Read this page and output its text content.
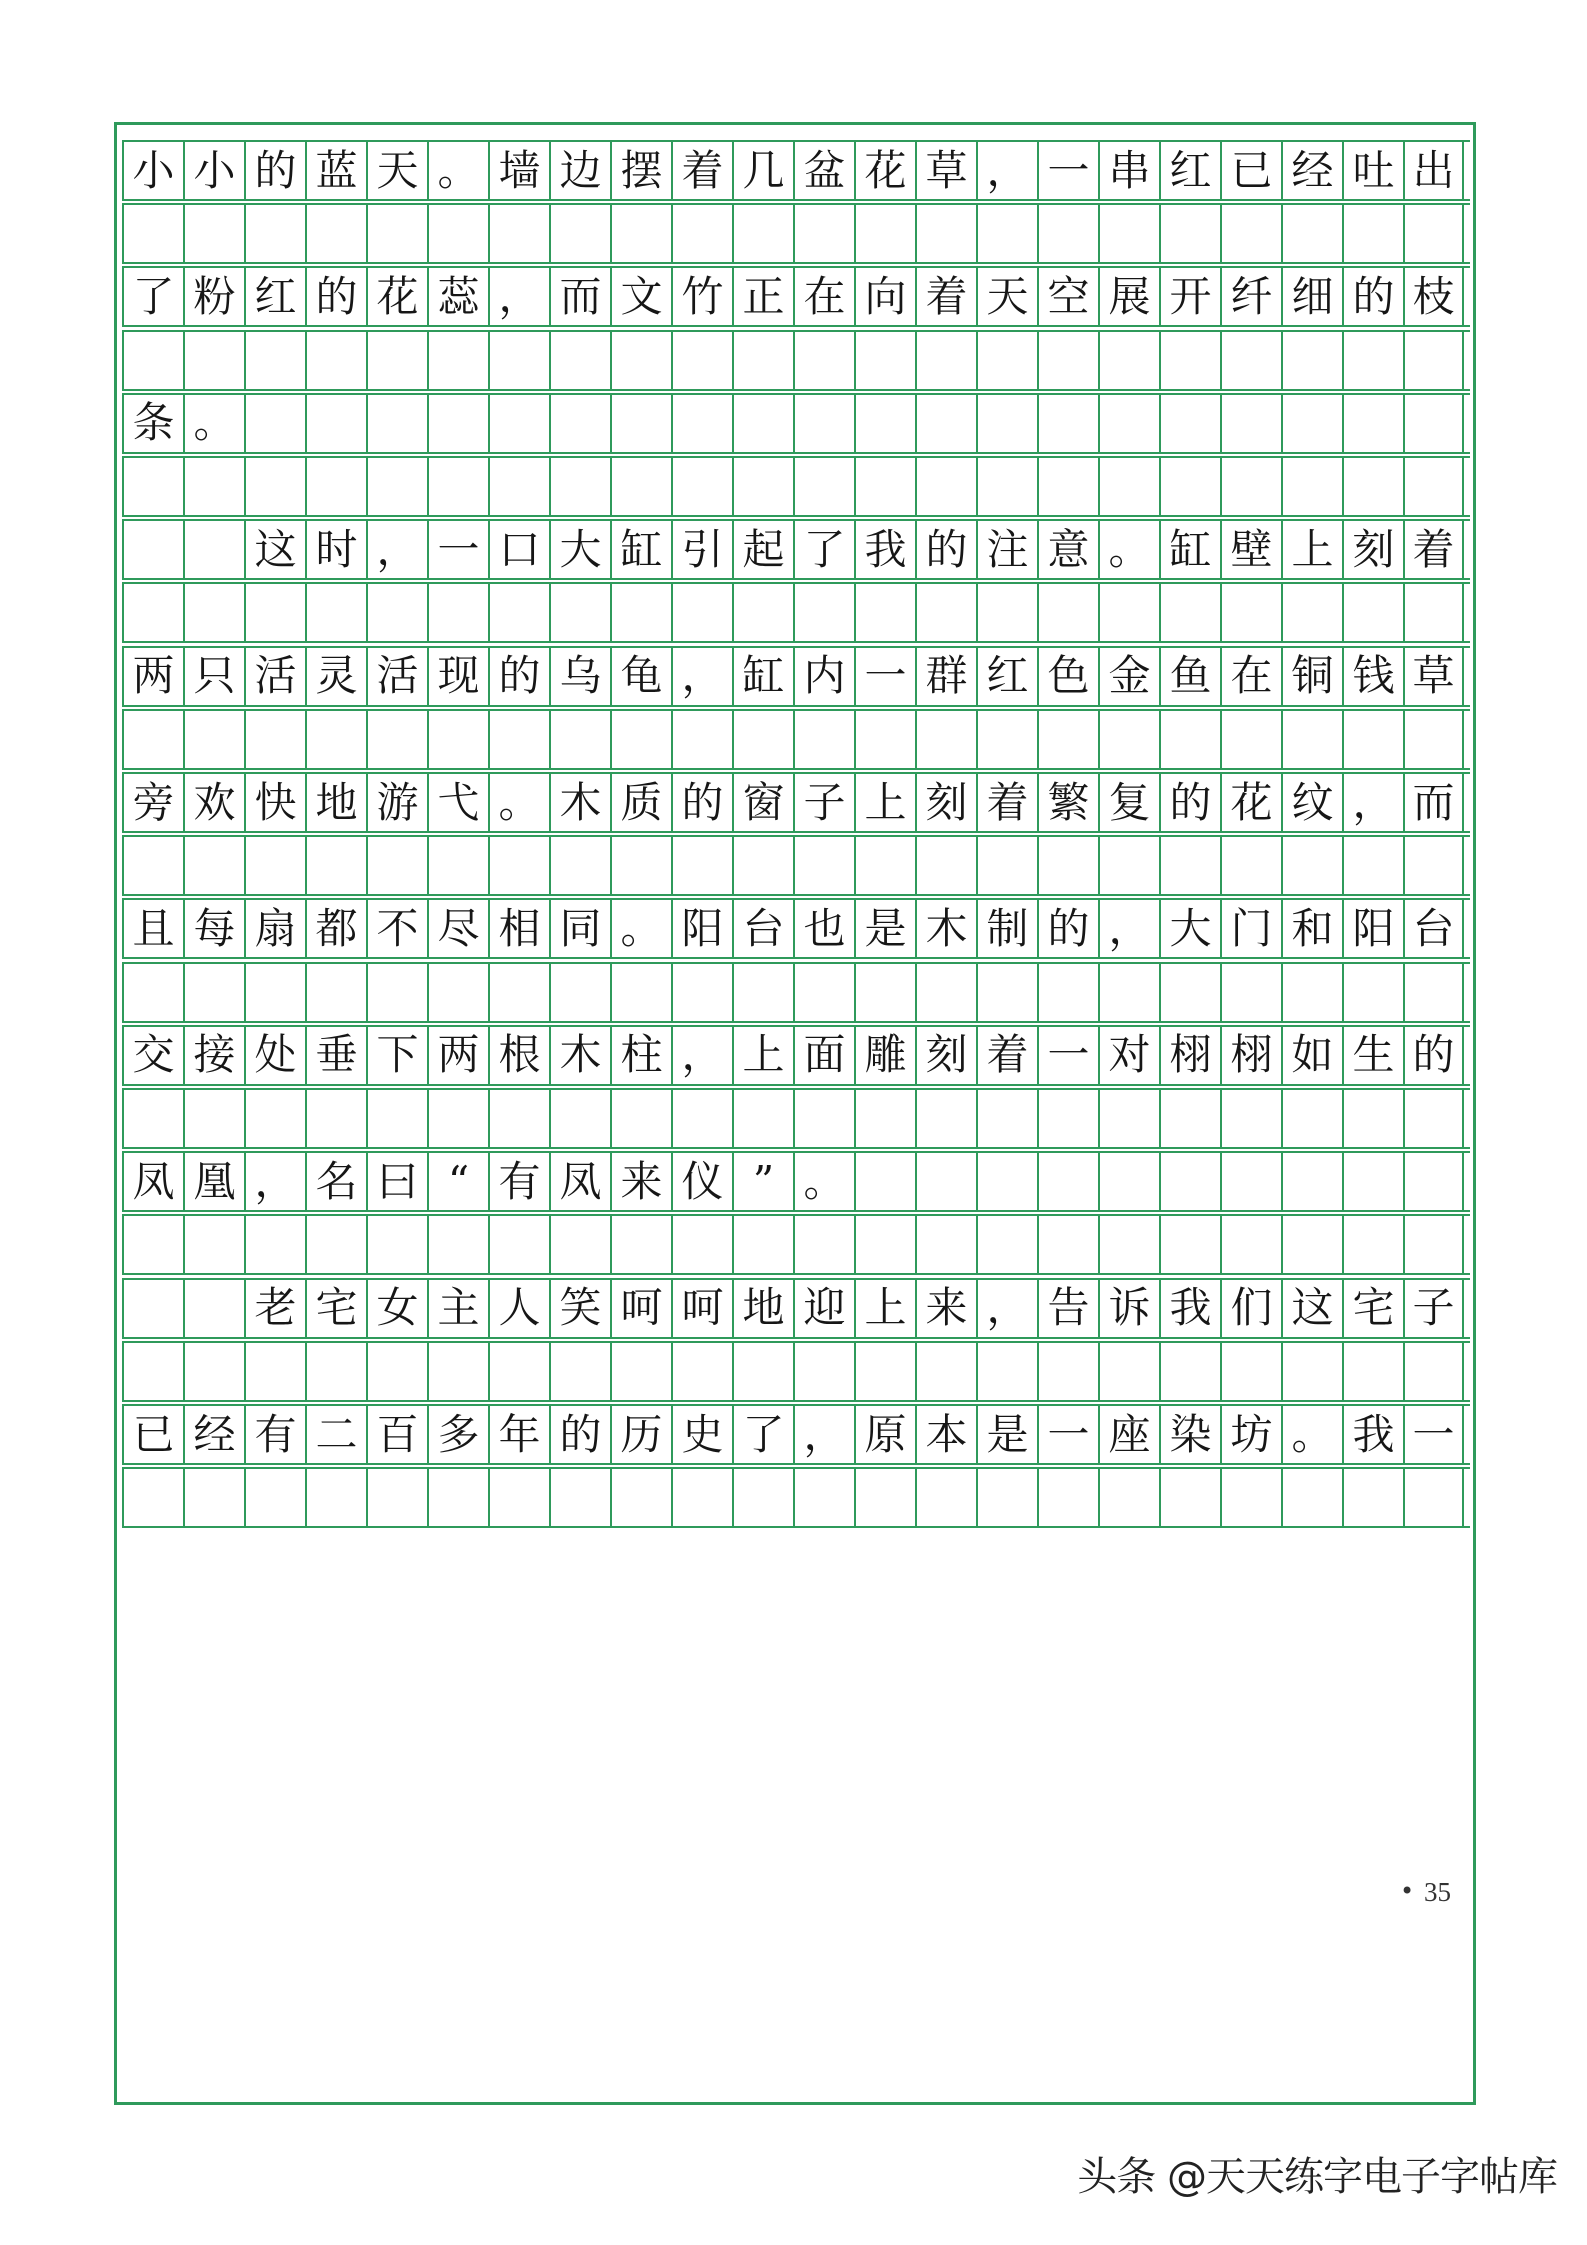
小 小 的 蓝 天 。 墙 边 摆 着 几 盆 花 草 ， 一 串 红 已 经 吐 出
了 粉 红 的 花 蕊 ， 而 文 竹 正 在 向 着 天 空 展 开 纤 细 的 枝
条 。
这 时 ， 一 口 大 缸 引 起 了 我 的 注 意 。 缸 壁 上 刻 着
两 只 活 灵 活 现 的 乌 龟 ， 缸 内 一 群 红 色 金 鱼 在 铜 钱 草
旁 欢 快 地 游 弋 。 木 质 的 窗 子 上 刻 着 繁 复 的 花 纹 ， 而
且 每 扇 都 不 尽 相 同 。 阳 台 也 是 木 制 的 ， 大 门 和 阳 台
交 接 处 垂 下 两 根 木 柱 ， 上 面 雕 刻 着 一 对 栩 栩 如 生 的
凤 凰 ， 名 曰 “ 有 凤 来 仪 ” 。
老 宅 女 主 人 笑 呵 呵 地 迎 上 来 ， 告 诉 我 们 这 宅 子
已 经 有 二 百 多 年 的 历 史 了 ， 原 本 是 一 座 染 坊 。 我 一
• 35
头条 @天天练字电子字帖库
